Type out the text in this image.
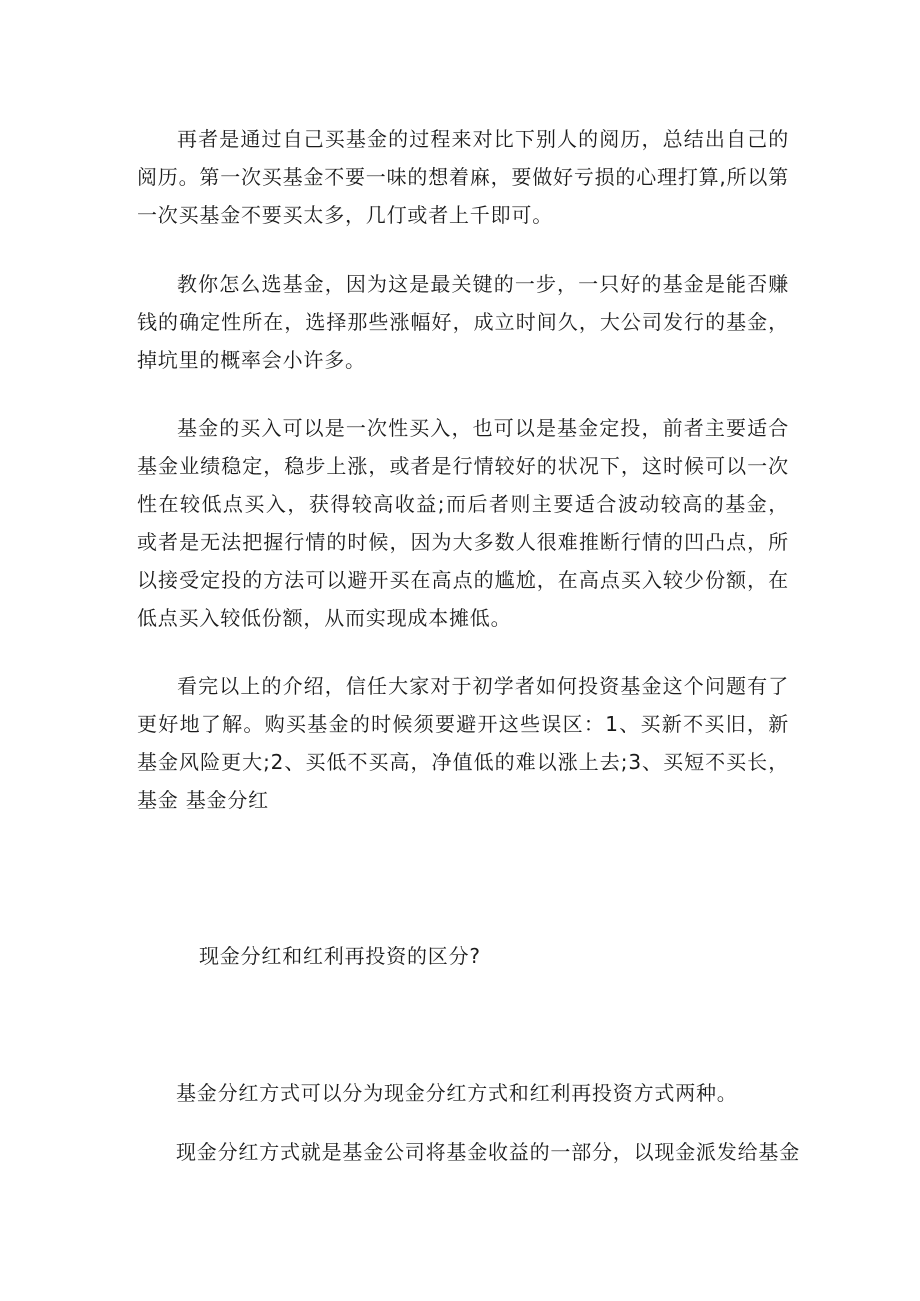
再者是通过自己买基金的过程来对比下别人的阅历，总结出自己的阅历。第一次买基金不要一味的想着麻，要做好亏损的心理打算,所以第一次买基金不要买太多，几仃或者上千即可。

教你怎么选基金，因为这是最关键的一步，一只好的基金是能否赚钱的确定性所在，选择那些涨幅好，成立时间久，大公司发行的基金，掉坑里的概率会小许多。

基金的买入可以是一次性买入，也可以是基金定投，前者主要适合基金业绩稳定，稳步上涨，或者是行情较好的状况下，这时候可以一次性在较低点买入，获得较高收益;而后者则主要适合波动较高的基金，或者是无法把握行情的时候，因为大多数人很难推断行情的凹凸点，所以接受定投的方法可以避开买在高点的尴尬，在高点买入较少份额，在低点买入较低份额，从而实现成本摊低。

看完以上的介绍，信任大家对于初学者如何投资基金这个问题有了更好地了解。购买基金的时候须要避开这些误区：1、买新不买旧，新基金风险更大;2、买低不买高，净值低的难以涨上去;3、买短不买长，基金 基金分红

现金分红和红利再投资的区分?

基金分红方式可以分为现金分红方式和红利再投资方式两种。

现金分红方式就是基金公司将基金收益的一部分，以现金派发给基金
